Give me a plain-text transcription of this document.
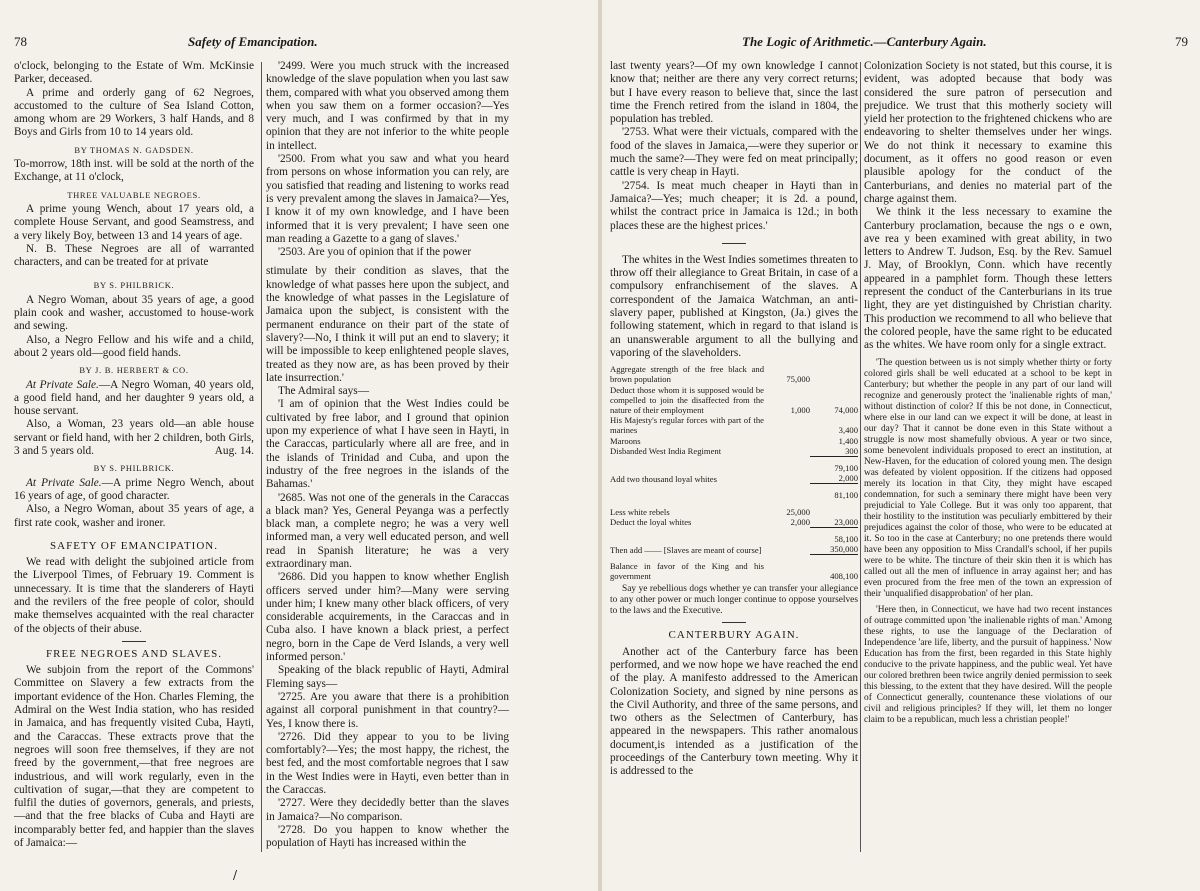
78	Safety of Emancipation.

o'clock, belonging to the Estate of Wm. McKinsie Parker, deceased.

A prime and orderly gang of 62 Negroes, accustomed to the culture of Sea Island Cotton, among whom are 29 Workers, 3 half Hands, and 8 Boys and Girls from 10 to 14 years old.

BY THOMAS N. GADSDEN.

To-morrow, 18th inst. will be sold at the north of the Exchange, at 11 o'clock,

THREE VALUABLE NEGROES.

A prime young Wench, about 17 years old, a complete House Servant, and good Seamstress, and a very likely Boy, between 13 and 14 years of age.

N. B. These Negroes are all of warranted characters, and can be treated for at private

BY S. PHILBRICK.

A Negro Woman, about 35 years of age, a good plain cook and washer, accustomed to house-work and sewing.

Also, a Negro Fellow and his wife and a child, about 2 years old—good field hands.

BY J. B. HERBERT & CO.

At Private Sale.—A Negro Woman, 40 years old, a good field hand, and her daughter 9 years old, a house servant.

Also, a Woman, 23 years old—an able house servant or field hand, with her 2 children, both Girls, 3 and 5 years old.	Aug. 14.

BY S. PHILBRICK.

At Private Sale.—A prime Negro Wench, about 16 years of age, of good character.

Also, a Negro Woman, about 35 years of age, a first rate cook, washer and ironer.

SAFETY OF EMANCIPATION.

We read with delight the subjoined article from the Liverpool Times, of February 19. Comment is unnecessary. It is time that the slanderers of Hayti and the revilers of the free people of color, should make themselves acquainted with the real character of the objects of their abuse.

FREE NEGROES AND SLAVES.

We subjoin from the report of the Commons' Committee on Slavery a few extracts from the important evidence of the Hon. Charles Fleming, the Admiral on the West India station, who has resided in Jamaica, and has frequently visited Cuba, Hayti, and the Caraccas. These extracts prove that the negroes will soon free themselves, if they are not freed by the government,—that free negroes are industrious, and will work regularly, even in the cultivation of sugar,—that they are competent to fulfil the duties of governors, generals, and priests,—and that the free blacks of Cuba and Hayti are incomparably better fed, and happier than the slaves of Jamaica:—

'2499. Were you much struck with the increased knowledge of the slave population when you last saw them, compared with what you observed among them when you saw them on a former occasion?—Yes very much, and I was confirmed by that in my opinion that they are not inferior to the white people in intellect.

'2500. From what you saw and what you heard from persons on whose information you can rely, are you satisfied that reading and listening to works read is very prevalent among the slaves in Jamaica?—Yes, I know it of my own knowledge, and I have been informed that it is very prevalent; I have seen one man reading a Gazette to a gang of slaves.'

'2503. Are you of opinion that if the power

stimulate by their condition as slaves, that the knowledge of what passes here upon the subject, and the knowledge of what passes in the Legislature of Jamaica upon the subject, is consistent with the permanent endurance on their part of the state of slavery?—No, I think it will put an end to slavery; it will be impossible to keep enlightened people slaves, treated as they now are, as has been proved by their late insurrection.'

The Admiral says—

'I am of opinion that the West Indies could be cultivated by free labor, and I ground that opinion upon my experience of what I have seen in Hayti, in the Caraccas, particularly where all are free, and in the islands of Trinidad and Cuba, and upon the industry of the free negroes in the islands of the Bahamas.'

'2685. Was not one of the generals in the Caraccas a black man? Yes, General Peyanga was a perfectly black man, a complete negro; he was a very well informed man, a very well educated person, and well read in Spanish literature; he was a very extraordinary man.

'2686. Did you happen to know whether English officers served under him?—Many were serving under him; I knew many other black officers, of very considerable acquirements, in the Caraccas and in Cuba also. I have known a black priest, a perfect negro, born in the Cape de Verd Islands, a very well informed person.'

Speaking of the black republic of Hayti, Admiral Fleming says—

'2725. Are you aware that there is a prohibition against all corporal punishment in that country?—Yes, I know there is.

'2726. Did they appear to you to be living comfortably?—Yes; the most happy, the richest, the best fed, and the most comfortable negroes that I saw in the West Indies were in Hayti, even better than in the Caraccas.

'2727. Were they decidedly better than the slaves in Jamaica?—No comparison.

'2728. Do you happen to know whether the population of Hayti has increased within the

/
The Logic of Arithmetic.—Canterbury Again.	79

last twenty years?—Of my own knowledge I cannot know that; neither are there any very correct returns; but I have every reason to believe that, since the last time the French retired from the island in 1804, the population has trebled.

'2753. What were their victuals, compared with the food of the slaves in Jamaica,—were they superior or much the same?—They were fed on meat principally; cattle is very cheap in Hayti.

'2754. Is meat much cheaper in Hayti than in Jamaica?—Yes; much cheaper; it is 2d. a pound, whilst the contract price in Jamaica is 12d.; in both places these are the highest prices.'

The whites in the West Indies sometimes threaten to throw off their allegiance to Great Britain, in case of a compulsory enfranchisement of the slaves. A correspondent of the Jamaica Watchman, an anti-slavery paper, published at Kingston, (Ja.) gives the following statement, which in regard to that island is an unanswerable argument to all the bullying and vaporing of the slaveholders.

Aggregate strength of the free black and brown population	75,000	
Deduct those whom it is supposed would be compelled to join the disaffected from the nature of their employment	1,000	74,000
His Majesty's regular forces with part of the marines		3,400
Maroons		1,400
Disbanded West India Regiment		300
		79,100
Add two thousand loyal whites		2,000
		81,100
Less white rebels	25,000	
Deduct the loyal whites	2,000	23,000
		58,100
Then add —— [Slaves are meant of course]		350,000
Balance in favor of the King and his government		408,100

Say ye rebellious dogs whether ye can transfer your allegiance to any other power or much longer continue to oppose yourselves to the laws and the Executive.

CANTERBURY AGAIN.

Another act of the Canterbury farce has been performed, and we now hope we have reached the end of the play. A manifesto addressed to the American Colonization Society, and signed by nine persons as the Civil Authority, and three of the same persons, and two others as the Selectmen of Canterbury, has appeared in the newspapers. This rather anomalous document,is intended as a justification of the proceedings of the Canterbury town meeting. Why it is addressed to the

Colonization Society is not stated, but this course, it is evident, was adopted because that body was considered the sure patron of persecution and prejudice. We trust that this motherly society will yield her protection to the frightened chickens who are endeavoring to shelter themselves under her wings. We do not think it necessary to examine this document, as it offers no good reason or even plausible apology for the conduct of the Canterburians, and denies no material part of the charge against them.

We think it the less necessary to examine the Canterbury proclamation, because the ngs o e own, ave rea y been examined with great ability, in two letters to Andrew T. Judson, Esq. by the Rev. Samuel J. May, of Brooklyn, Conn. which have recently appeared in a pamphlet form. Though these letters represent the conduct of the Canterburians in its true light, they are yet distinguished by Christian charity. This production we recommend to all who believe that the colored people, have the same right to be educated as the whites. We have room only for a single extract.

'The question between us is not simply whether thirty or forty colored girls shall be well educated at a school to be kept in Canterbury; but whether the people in any part of our land will recognize and generously protect the 'inalienable rights of man,' without distinction of color? If this be not done, in Connecticut, where else in our land can we expect it will be done, at least in our day? That it cannot be done even in this State without a struggle is now most shamefully obvious. A year or two since, some benevolent individuals proposed to erect an institution, at New-Haven, for the education of colored young men. The design was defeated by violent opposition. If the citizens had opposed merely its location in that City, they might have escaped condemnation, for such a seminary there might have been very prejudicial to Yale College. But it was only too apparent, that their hostility to the institution was peculiarly embittered by their prejudices against the color of those, who were to be educated at it. So too in the case at Canterbury; no one pretends there would have been any opposition to Miss Crandall's school, if her pupils were to be white. The tincture of their skin then it is which has called out all the men of influence in array against her; and has even procured from the free men of the town an expression of their 'unqualified disapprobation' of her plan.

'Here then, in Connecticut, we have had two recent instances of outrage committed upon 'the inalienable rights of man.' Among these rights, to use the language of the Declaration of Independence 'are life, liberty, and the pursuit of happiness.' Now Education has from the first, been regarded in this State highly conducive to the private happiness, and the public weal. Yet have our colored brethren been twice angrily denied permission to seek this blessing, to the extent that they have desired. Will the people of Connecticut generally, countenance these violations of our civil and religious principles? If they will, let them no longer claim to be a republican, much less a christian people!'
